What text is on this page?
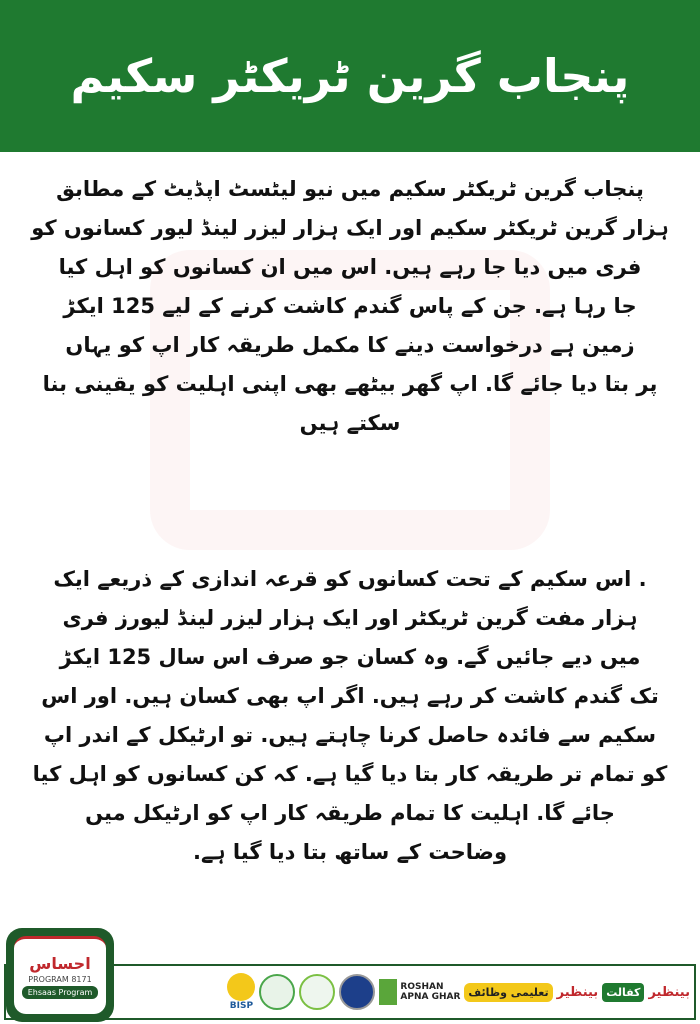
پنجاب گرین ٹریکٹر سکیم
پنجاب گرین ٹریکٹر سکیم میں نیو لیٹسٹ اپڈیٹ کے مطابق
ہزار گرین ٹریکٹر سکیم اور ایک ہزار لیزر لینڈ لیور کسانوں کو
فری میں دیا جا رہے ہیں. اس میں ان کسانوں کو اہل کیا
جا رہا ہے. جن کے پاس گندم کاشت کرنے کے لیے 125 ایکڑ
زمین ہے درخواست دینے کا مکمل طریقہ کار اپ کو یہاں
پر بتا دیا جائے گا. اپ گھر بیٹھے بھی اپنی اہلیت کو یقینی بنا
سکتے ہیں
. اس سکیم کے تحت کسانوں کو قرعہ اندازی کے ذریعے ایک
ہزار مفت گرین ٹریکٹر اور ایک ہزار لیزر لینڈ لیورز فری
میں دیے جائیں گے. وہ کسان جو صرف اس سال 125 ایکڑ
تک گندم کاشت کر رہے ہیں. اگر اپ بھی کسان ہیں. اور اس
سکیم سے فائدہ حاصل کرنا چاہتے ہیں. تو ارٹیکل کے اندر اپ
کو تمام تر طریقہ کار بتا دیا گیا ہے. کہ کن کسانوں کو اہل کیا
جائے گا. اہلیت کا تمام طریقہ کار اپ کو ارٹیکل میں
وضاحت کے ساتھ بتا دیا گیا ہے.
احساس
PROGRAM 8171
Ehsaas Program
BISP
ROSHAN
APNA GHAR تعلیمی وظائف بینظیر کفالت بینظیر
